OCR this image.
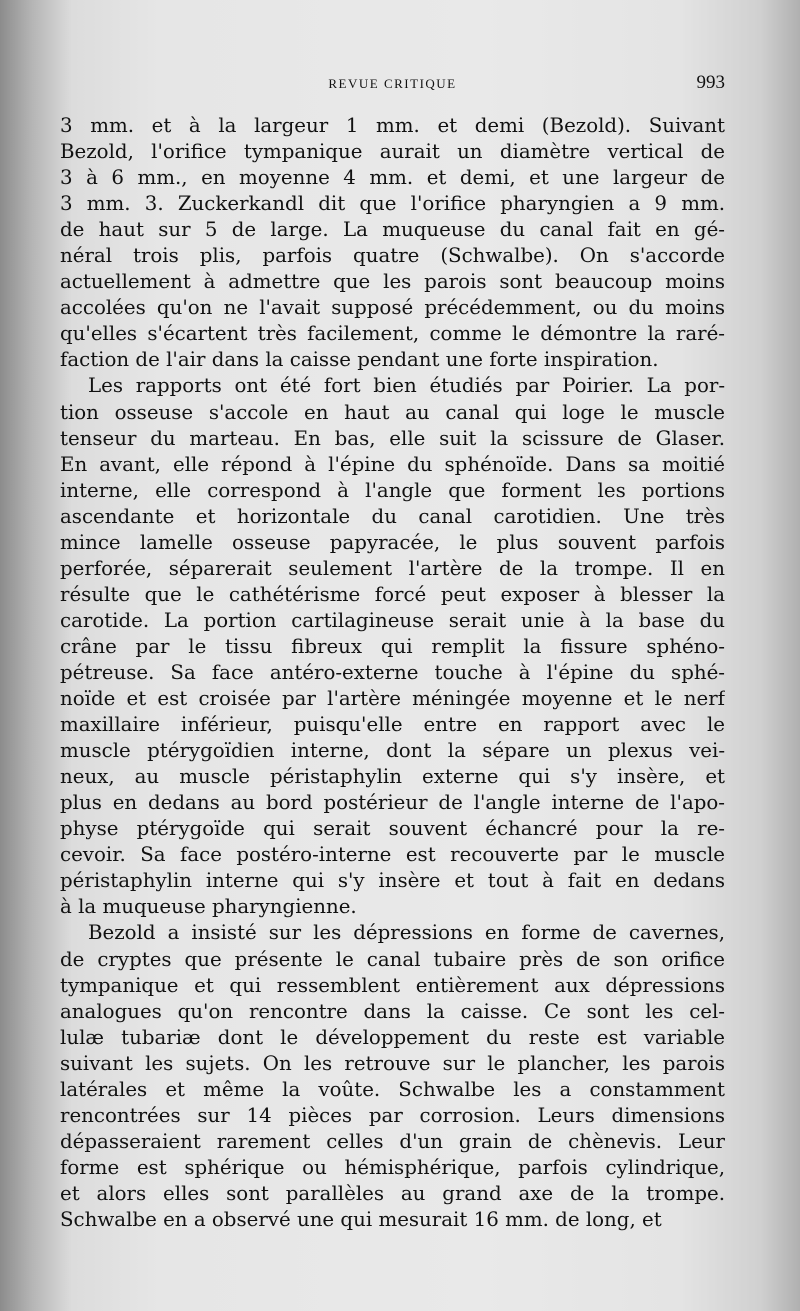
REVUE CRITIQUE	993
3 mm. et à la largeur 1 mm. et demi (Bezold). Suivant
Bezold, l'orifice tympanique aurait un diamètre vertical de
3 à 6 mm., en moyenne 4 mm. et demi, et une largeur de
3 mm. 3. Zuckerkandl dit que l'orifice pharyngien a 9 mm.
de haut sur 5 de large. La muqueuse du canal fait en gé-
néral trois plis, parfois quatre (Schwalbe). On s'accorde
actuellement à admettre que les parois sont beaucoup moins
accolées qu'on ne l'avait supposé précédemment, ou du moins
qu'elles s'écartent très facilement, comme le démontre la raré-
faction de l'air dans la caisse pendant une forte inspiration.
Les rapports ont été fort bien étudiés par Poirier. La por-
tion osseuse s'accole en haut au canal qui loge le muscle
tenseur du marteau. En bas, elle suit la scissure de Glaser.
En avant, elle répond à l'épine du sphénoïde. Dans sa moitié
interne, elle correspond à l'angle que forment les portions
ascendante et horizontale du canal carotidien. Une très
mince lamelle osseuse papyracée, le plus souvent parfois
perforée, séparerait seulement l'artère de la trompe. Il en
résulte que le cathétérisme forcé peut exposer à blesser la
carotide. La portion cartilagineuse serait unie à la base du
crâne par le tissu fibreux qui remplit la fissure sphéno-
pétreuse. Sa face antéro-externe touche à l'épine du sphé-
noïde et est croisée par l'artère méningée moyenne et le nerf
maxillaire inférieur, puisqu'elle entre en rapport avec le
muscle ptérygoïdien interne, dont la sépare un plexus vei-
neux, au muscle péristaphylin externe qui s'y insère, et
plus en dedans au bord postérieur de l'angle interne de l'apo-
physe ptérygoïde qui serait souvent échancré pour la re-
cevoir. Sa face postéro-interne est recouverte par le muscle
péristaphylin interne qui s'y insère et tout à fait en dedans
à la muqueuse pharyngienne.
Bezold a insisté sur les dépressions en forme de cavernes,
de cryptes que présente le canal tubaire près de son orifice
tympanique et qui ressemblent entièrement aux dépressions
analogues qu'on rencontre dans la caisse. Ce sont les cel-
lulæ tubariæ dont le développement du reste est variable
suivant les sujets. On les retrouve sur le plancher, les parois
latérales et même la voûte. Schwalbe les a constamment
rencontrées sur 14 pièces par corrosion. Leurs dimensions
dépasseraient rarement celles d'un grain de chènevis. Leur
forme est sphérique ou hémisphérique, parfois cylindrique,
et alors elles sont parallèles au grand axe de la trompe.
Schwalbe en a observé une qui mesurait 16 mm. de long, et
